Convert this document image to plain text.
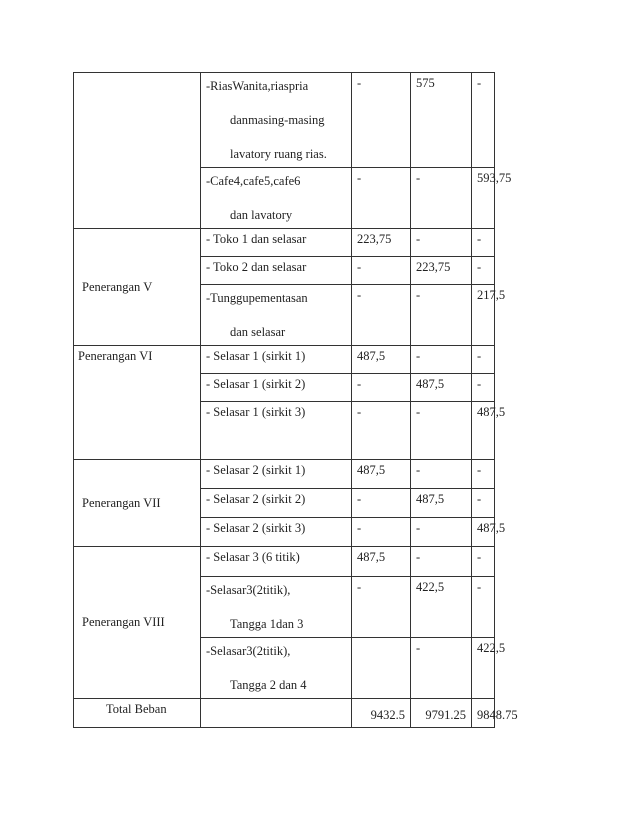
	-RiasWanita,riaspria
danmasing-masing
lavatory ruang rias.	-	575	-

	-Cafe4,cafe5,cafe6
dan lavatory	-	-	593,75
Penerangan V	- Toko 1 dan selasar	223,75	-	-
	- Toko 2 dan selasar	-	223,75	-

	-Tunggupementasan
dan selasar	-	-	217,5
Penerangan VI	- Selasar 1 (sirkit 1)	487,5	-	-
	- Selasar 1 (sirkit 2)	-	487,5	-
	- Selasar 1 (sirkit 3)	-	-	487,5
Penerangan VII	- Selasar 2 (sirkit 1)	487,5	-	-
	- Selasar 2 (sirkit 2)	-	487,5	-
	- Selasar 2 (sirkit 3)	-	-	487,5
Penerangan VIII	- Selasar 3 (6 titik)	487,5	-	-

	-Selasar3(2titik),
Tangga 1dan 3	-	422,5	-

	-Selasar3(2titik),
Tangga 2 dan 4		-	422,5
Total Beban		9432.5	9791.25	9848.75
